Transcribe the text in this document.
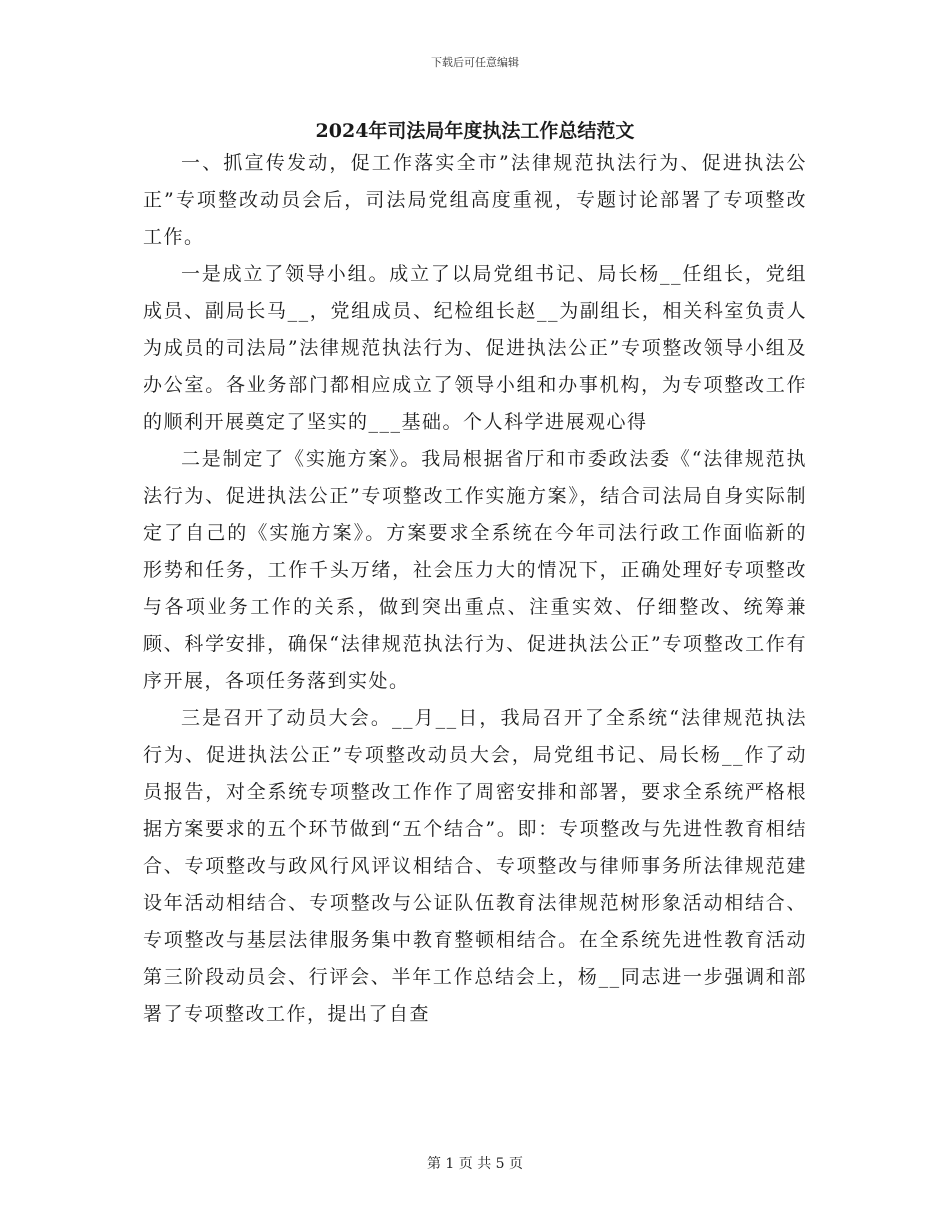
下载后可任意编辑
2024年司法局年度执法工作总结范文

一、抓宣传发动，促工作落实全市”法律规范执法行为、促进执法公正”专项整改动员会后，司法局党组高度重视，专题讨论部署了专项整改工作。

一是成立了领导小组。成立了以局党组书记、局长杨__任组长，党组成员、副局长马__，党组成员、纪检组长赵__为副组长，相关科室负责人为成员的司法局”法律规范执法行为、促进执法公正”专项整改领导小组及办公室。各业务部门都相应成立了领导小组和办事机构，为专项整改工作的顺利开展奠定了坚实的___基础。个人科学进展观心得

二是制定了《实施方案》。我局根据省厅和市委政法委《“法律规范执法行为、促进执法公正”专项整改工作实施方案》，结合司法局自身实际制定了自己的《实施方案》。方案要求全系统在今年司法行政工作面临新的形势和任务，工作千头万绪，社会压力大的情况下，正确处理好专项整改与各项业务工作的关系，做到突出重点、注重实效、仔细整改、统筹兼顾、科学安排，确保“法律规范执法行为、促进执法公正”专项整改工作有序开展，各项任务落到实处。

三是召开了动员大会。__月__日，我局召开了全系统“法律规范执法行为、促进执法公正”专项整改动员大会，局党组书记、局长杨__作了动员报告，对全系统专项整改工作作了周密安排和部署，要求全系统严格根据方案要求的五个环节做到“五个结合”。即：专项整改与先进性教育相结合、专项整改与政风行风评议相结合、专项整改与律师事务所法律规范建设年活动相结合、专项整改与公证队伍教育法律规范树形象活动相结合、专项整改与基层法律服务集中教育整顿相结合。在全系统先进性教育活动第三阶段动员会、行评会、半年工作总结会上，杨__同志进一步强调和部署了专项整改工作，提出了自查

第 1 页 共 5 页
